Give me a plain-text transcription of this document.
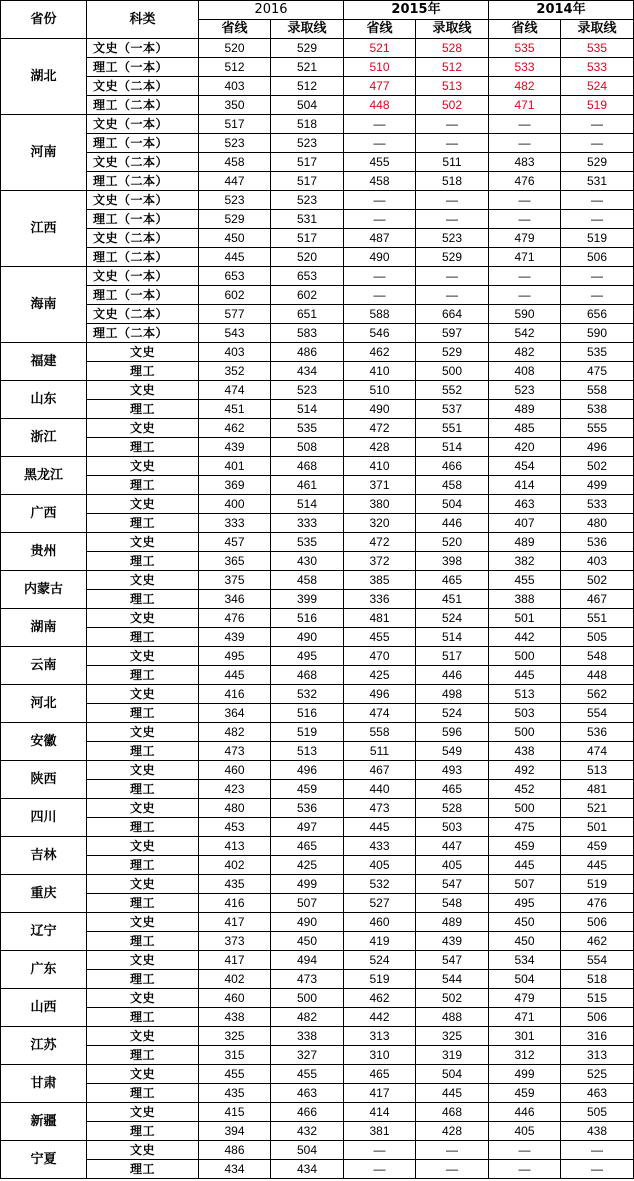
省份	科类	2016		2015年		2014年	
		省线	录取线	省线	录取线	省线	录取线
湖北	文史（一本）	520	529	521	528	535	535
	理工（一本）	512	521	510	512	533	533
	文史（二本）	403	512	477	513	482	524
	理工（二本）	350	504	448	502	471	519
河南	文史（一本）	517	518	—	—	—	—
	理工（一本）	523	523	—	—	—	—
	文史（二本）	458	517	455	511	483	529
	理工（二本）	447	517	458	518	476	531
江西	文史（一本）	523	523	—	—	—	—
	理工（一本）	529	531	—	—	—	—
	文史（二本）	450	517	487	523	479	519
	理工（二本）	445	520	490	529	471	506
海南	文史（一本）	653	653	—	—	—	—
	理工（一本）	602	602	—	—	—	—
	文史（二本）	577	651	588	664	590	656
	理工（二本）	543	583	546	597	542	590
福建	文史	403	486	462	529	482	535
	理工	352	434	410	500	408	475
山东	文史	474	523	510	552	523	558
	理工	451	514	490	537	489	538
浙江	文史	462	535	472	551	485	555
	理工	439	508	428	514	420	496
黑龙江	文史	401	468	410	466	454	502
	理工	369	461	371	458	414	499
广西	文史	400	514	380	504	463	533
	理工	333	333	320	446	407	480
贵州	文史	457	535	472	520	489	536
	理工	365	430	372	398	382	403
内蒙古	文史	375	458	385	465	455	502
	理工	346	399	336	451	388	467
湖南	文史	476	516	481	524	501	551
	理工	439	490	455	514	442	505
云南	文史	495	495	470	517	500	548
	理工	445	468	425	446	445	448
河北	文史	416	532	496	498	513	562
	理工	364	516	474	524	503	554
安徽	文史	482	519	558	596	500	536
	理工	473	513	511	549	438	474
陕西	文史	460	496	467	493	492	513
	理工	423	459	440	465	452	481
四川	文史	480	536	473	528	500	521
	理工	453	497	445	503	475	501
吉林	文史	413	465	433	447	459	459
	理工	402	425	405	405	445	445
重庆	文史	435	499	532	547	507	519
	理工	416	507	527	548	495	476
辽宁	文史	417	490	460	489	450	506
	理工	373	450	419	439	450	462
广东	文史	417	494	524	547	534	554
	理工	402	473	519	544	504	518
山西	文史	460	500	462	502	479	515
	理工	438	482	442	488	471	506
江苏	文史	325	338	313	325	301	316
	理工	315	327	310	319	312	313
甘肃	文史	455	455	465	504	499	525
	理工	435	463	417	445	459	463
新疆	文史	415	466	414	468	446	505
	理工	394	432	381	428	405	438
宁夏	文史	486	504	—	—	—	—
	理工	434	434	—	—	—	—
